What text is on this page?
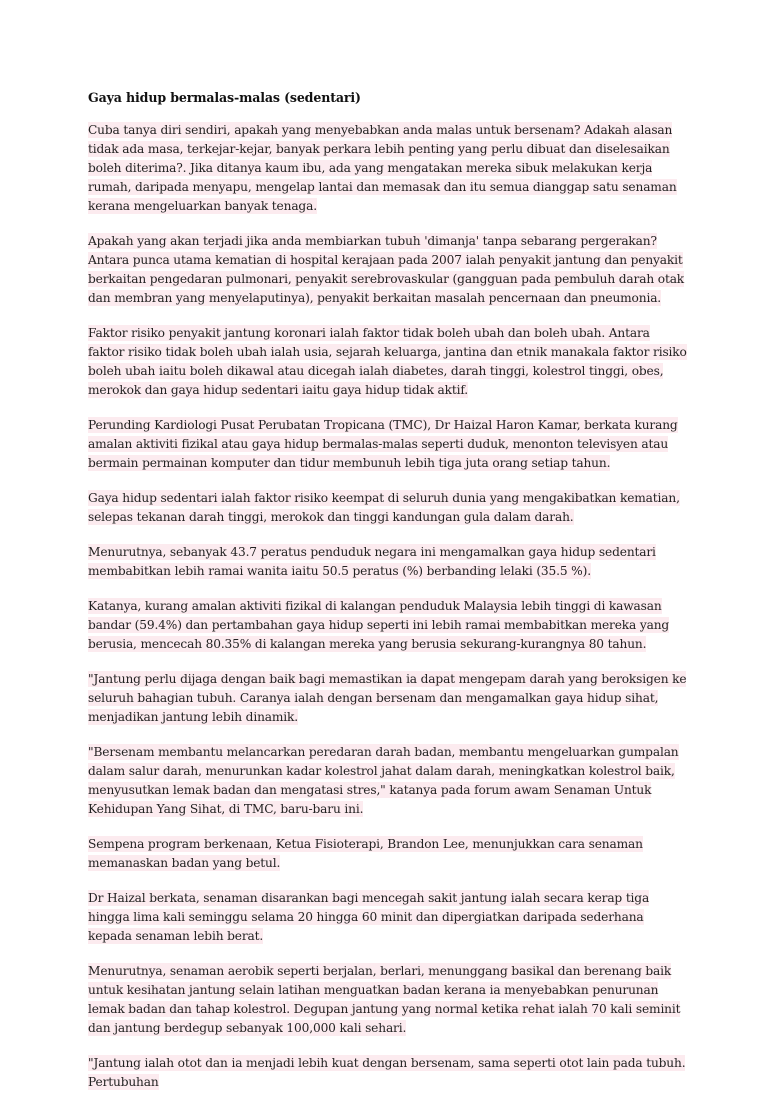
Gaya hidup bermalas-malas (sedentari)

Cuba tanya diri sendiri, apakah yang menyebabkan anda malas untuk bersenam? Adakah alasan tidak ada masa, terkejar-kejar, banyak perkara lebih penting yang perlu dibuat dan diselesaikan boleh diterima?. Jika ditanya kaum ibu, ada yang mengatakan mereka sibuk melakukan kerja rumah, daripada menyapu, mengelap lantai dan memasak dan itu semua dianggap satu senaman kerana mengeluarkan banyak tenaga.

Apakah yang akan terjadi jika anda membiarkan tubuh 'dimanja' tanpa sebarang pergerakan? Antara punca utama kematian di hospital kerajaan pada 2007 ialah penyakit jantung dan penyakit berkaitan pengedaran pulmonari, penyakit serebrovaskular (gangguan pada pembuluh darah otak dan membran yang menyelaputinya), penyakit berkaitan masalah pencernaan dan pneumonia.

Faktor risiko penyakit jantung koronari ialah faktor tidak boleh ubah dan boleh ubah. Antara faktor risiko tidak boleh ubah ialah usia, sejarah keluarga, jantina dan etnik manakala faktor risiko boleh ubah iaitu boleh dikawal atau dicegah ialah diabetes, darah tinggi, kolestrol tinggi, obes, merokok dan gaya hidup sedentari iaitu gaya hidup tidak aktif.

Perunding Kardiologi Pusat Perubatan Tropicana (TMC), Dr Haizal Haron Kamar, berkata kurang amalan aktiviti fizikal atau gaya hidup bermalas-malas seperti duduk, menonton televisyen atau bermain permainan komputer dan tidur membunuh lebih tiga juta orang setiap tahun.

Gaya hidup sedentari ialah faktor risiko keempat di seluruh dunia yang mengakibatkan kematian, selepas tekanan darah tinggi, merokok dan tinggi kandungan gula dalam darah.

Menurutnya, sebanyak 43.7 peratus penduduk negara ini mengamalkan gaya hidup sedentari membabitkan lebih ramai wanita iaitu 50.5 peratus (%) berbanding lelaki (35.5 %).

Katanya, kurang amalan aktiviti fizikal di kalangan penduduk Malaysia lebih tinggi di kawasan bandar (59.4%) dan pertambahan gaya hidup seperti ini lebih ramai membabitkan mereka yang berusia, mencecah 80.35% di kalangan mereka yang berusia sekurang-kurangnya 80 tahun.

"Jantung perlu dijaga dengan baik bagi memastikan ia dapat mengepam darah yang beroksigen ke seluruh bahagian tubuh. Caranya ialah dengan bersenam dan mengamalkan gaya hidup sihat, menjadikan jantung lebih dinamik.

"Bersenam membantu melancarkan peredaran darah badan, membantu mengeluarkan gumpalan dalam salur darah, menurunkan kadar kolestrol jahat dalam darah, meningkatkan kolestrol baik, menyusutkan lemak badan dan mengatasi stres," katanya pada forum awam Senaman Untuk Kehidupan Yang Sihat, di TMC, baru-baru ini.

Sempena program berkenaan, Ketua Fisioterapi, Brandon Lee, menunjukkan cara senaman memanaskan badan yang betul.

Dr Haizal berkata, senaman disarankan bagi mencegah sakit jantung ialah secara kerap tiga hingga lima kali seminggu selama 20 hingga 60 minit dan dipergiatkan daripada sederhana kepada senaman lebih berat.

Menurutnya, senaman aerobik seperti berjalan, berlari, menunggang basikal dan berenang baik untuk kesihatan jantung selain latihan menguatkan badan kerana ia menyebabkan penurunan lemak badan dan tahap kolestrol. Degupan jantung yang normal ketika rehat ialah 70 kali seminit dan jantung berdegup sebanyak 100,000 kali sehari.

"Jantung ialah otot dan ia menjadi lebih kuat dengan bersenam, sama seperti otot lain pada tubuh. Pertubuhan
